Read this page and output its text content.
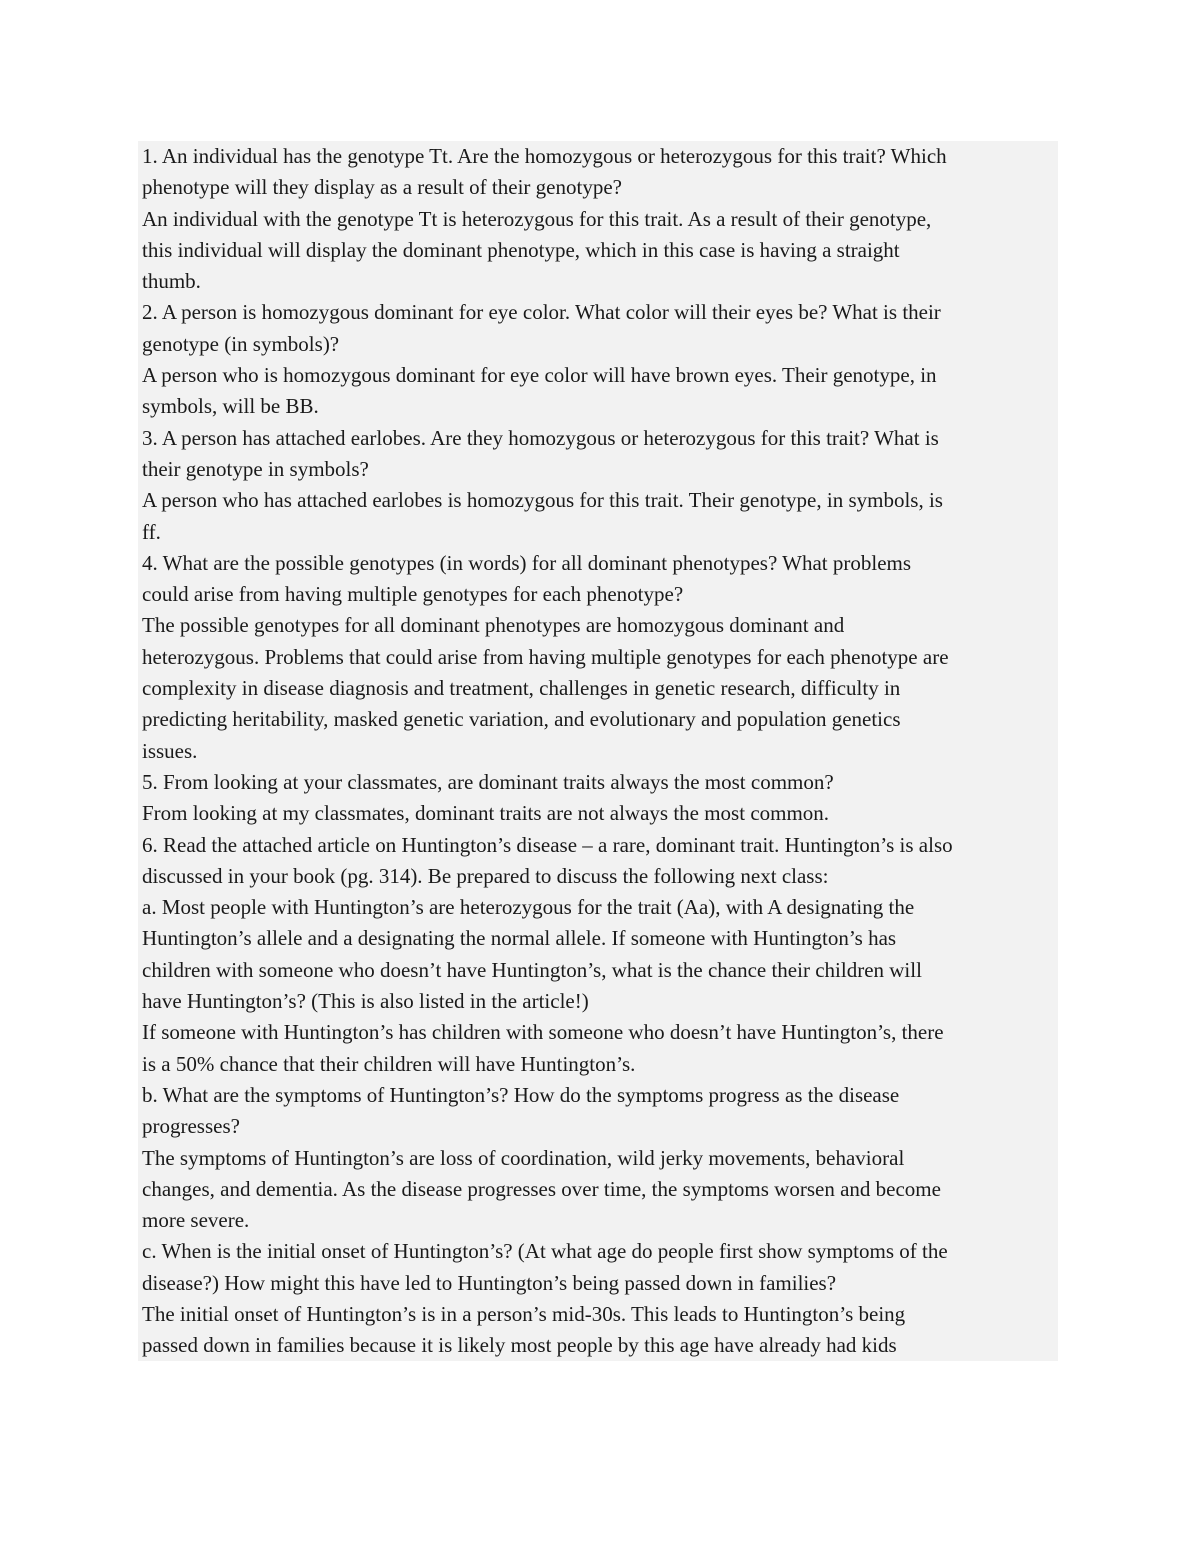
1. An individual has the genotype Tt. Are the homozygous or heterozygous for this trait? Which
phenotype will they display as a result of their genotype?
An individual with the genotype Tt is heterozygous for this trait. As a result of their genotype,
this individual will display the dominant phenotype, which in this case is having a straight
thumb.
2. A person is homozygous dominant for eye color. What color will their eyes be? What is their
genotype (in symbols)?
A person who is homozygous dominant for eye color will have brown eyes. Their genotype, in
symbols, will be BB.
3. A person has attached earlobes. Are they homozygous or heterozygous for this trait? What is
their genotype in symbols?
A person who has attached earlobes is homozygous for this trait. Their genotype, in symbols, is
ff.
4. What are the possible genotypes (in words) for all dominant phenotypes? What problems
could arise from having multiple genotypes for each phenotype?
The possible genotypes for all dominant phenotypes are homozygous dominant and
heterozygous. Problems that could arise from having multiple genotypes for each phenotype are
complexity in disease diagnosis and treatment, challenges in genetic research, difficulty in
predicting heritability, masked genetic variation, and evolutionary and population genetics
issues.
5. From looking at your classmates, are dominant traits always the most common?
From looking at my classmates, dominant traits are not always the most common.
6. Read the attached article on Huntington’s disease – a rare, dominant trait. Huntington’s is also
discussed in your book (pg. 314). Be prepared to discuss the following next class:
a. Most people with Huntington’s are heterozygous for the trait (Aa), with A designating the
Huntington’s allele and a designating the normal allele. If someone with Huntington’s has
children with someone who doesn’t have Huntington’s, what is the chance their children will
have Huntington’s? (This is also listed in the article!)
If someone with Huntington’s has children with someone who doesn’t have Huntington’s, there
is a 50% chance that their children will have Huntington’s.
b. What are the symptoms of Huntington’s? How do the symptoms progress as the disease
progresses?
The symptoms of Huntington’s are loss of coordination, wild jerky movements, behavioral
changes, and dementia. As the disease progresses over time, the symptoms worsen and become
more severe.
c. When is the initial onset of Huntington’s? (At what age do people first show symptoms of the
disease?) How might this have led to Huntington’s being passed down in families?
The initial onset of Huntington’s is in a person’s mid-30s. This leads to Huntington’s being
passed down in families because it is likely most people by this age have already had kids
